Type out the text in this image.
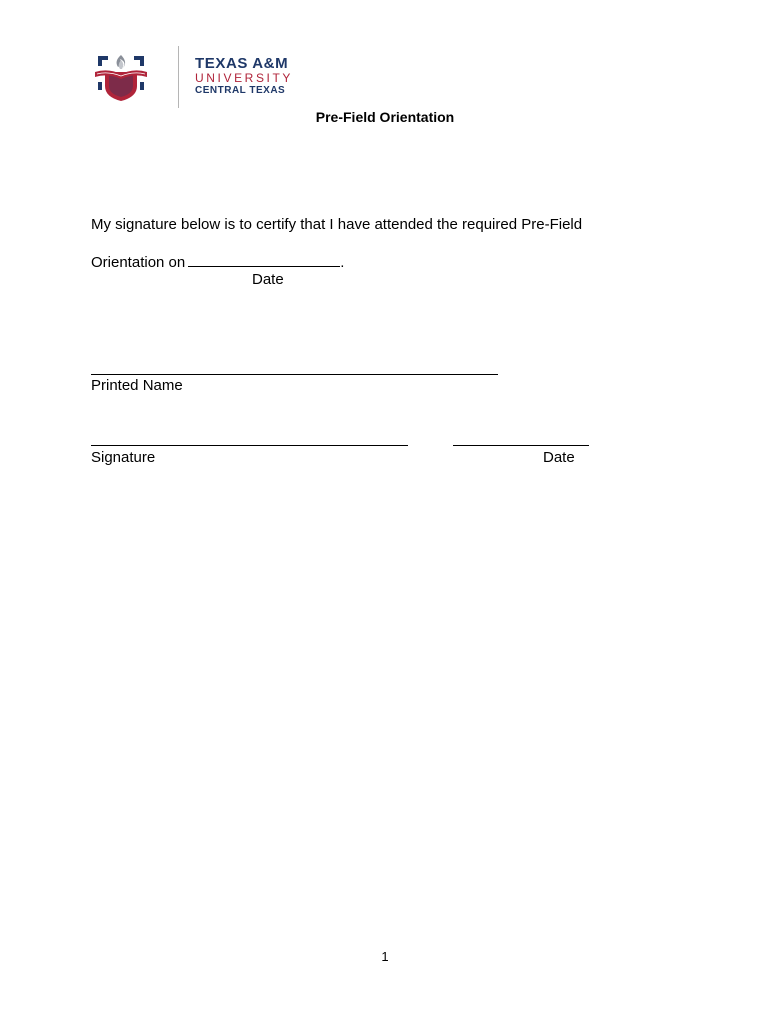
TEXAS A&M
UNIVERSITY
CENTRAL TEXAS
Pre-Field Orientation
My signature below is to certify that I have attended the required Pre-Field
Orientation on	.
Date
Printed Name
Signature	Date
1
